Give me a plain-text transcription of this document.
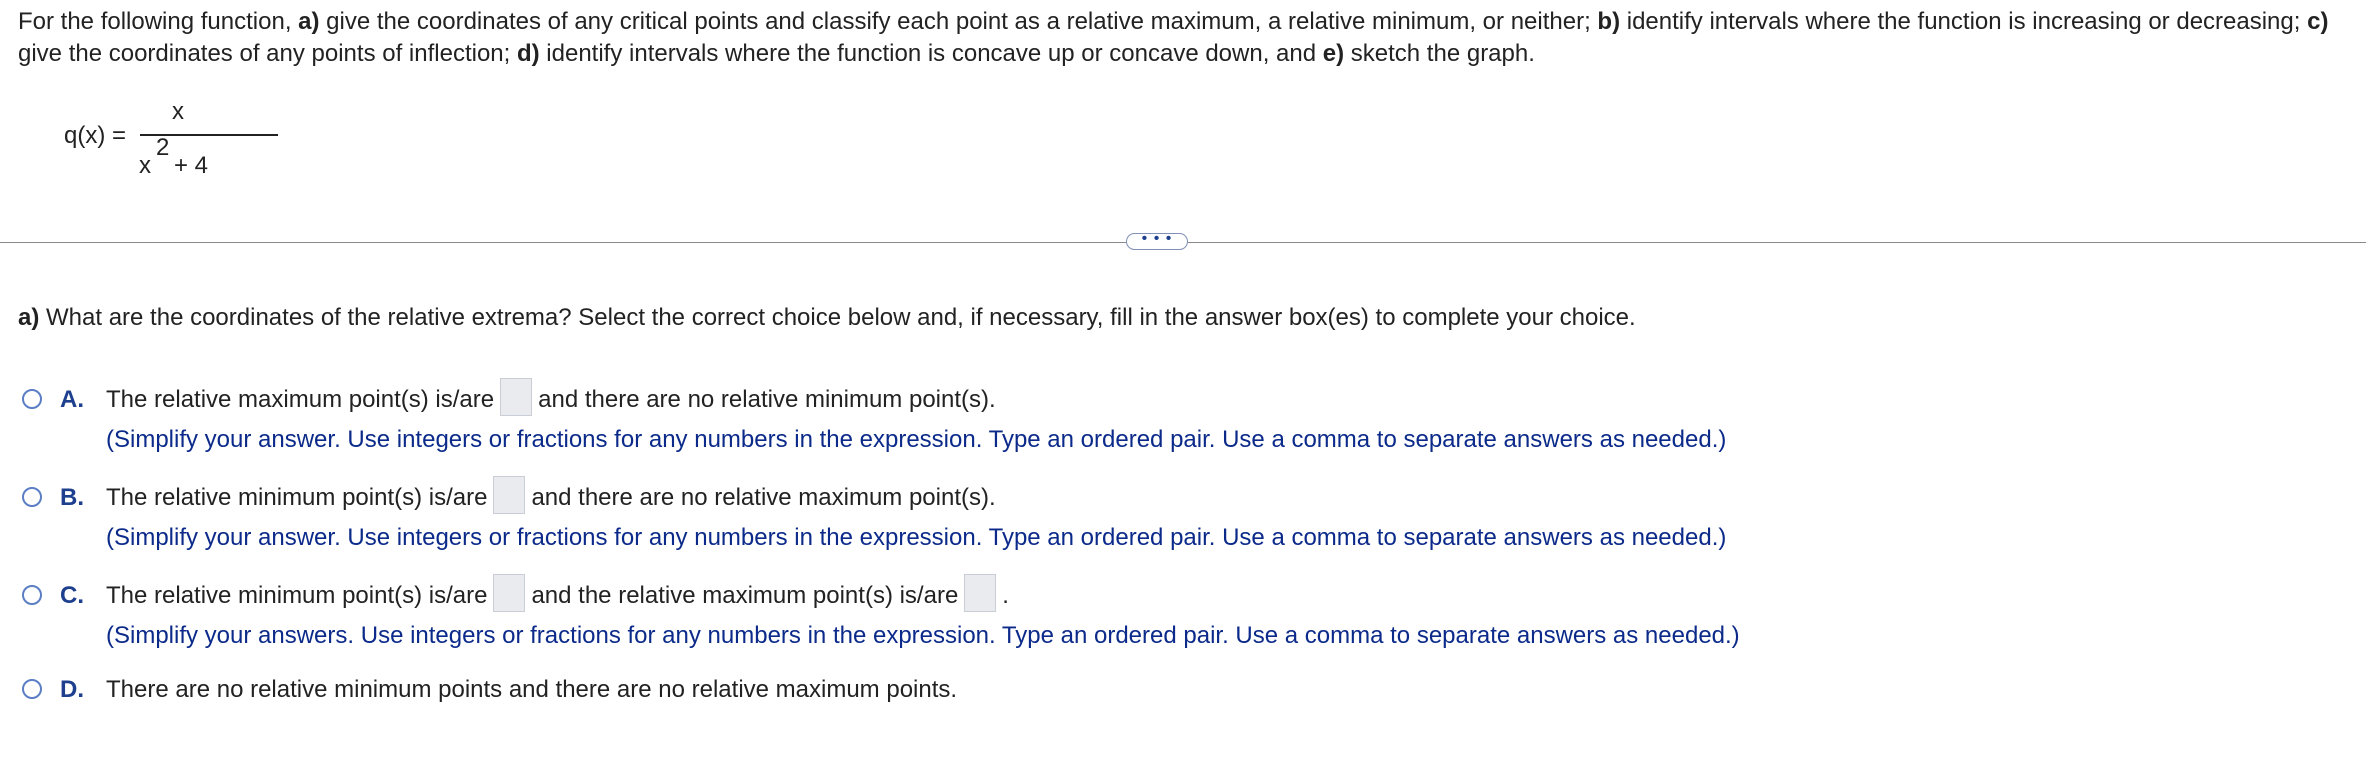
For the following function, a) give the coordinates of any critical points and classify each point as a relative maximum, a relative minimum, or neither; b) identify intervals where the function is increasing or decreasing; c) give the coordinates of any points of inflection; d) identify intervals where the function is concave up or concave down, and e) sketch the graph.
q(x) =
x
x
2
+ 4
• • •
a) What are the coordinates of the relative extrema? Select the correct choice below and, if necessary, fill in the answer box(es) to complete your choice.
A. The relative maximum point(s) is/are and there are no relative minimum point(s).
(Simplify your answer. Use integers or fractions for any numbers in the expression. Type an ordered pair. Use a comma to separate answers as needed.)
B. The relative minimum point(s) is/are and there are no relative maximum point(s).
(Simplify your answer. Use integers or fractions for any numbers in the expression. Type an ordered pair. Use a comma to separate answers as needed.)
C. The relative minimum point(s) is/are and the relative maximum point(s) is/are .
(Simplify your answers. Use integers or fractions for any numbers in the expression. Type an ordered pair. Use a comma to separate answers as needed.)
D. There are no relative minimum points and there are no relative maximum points.
